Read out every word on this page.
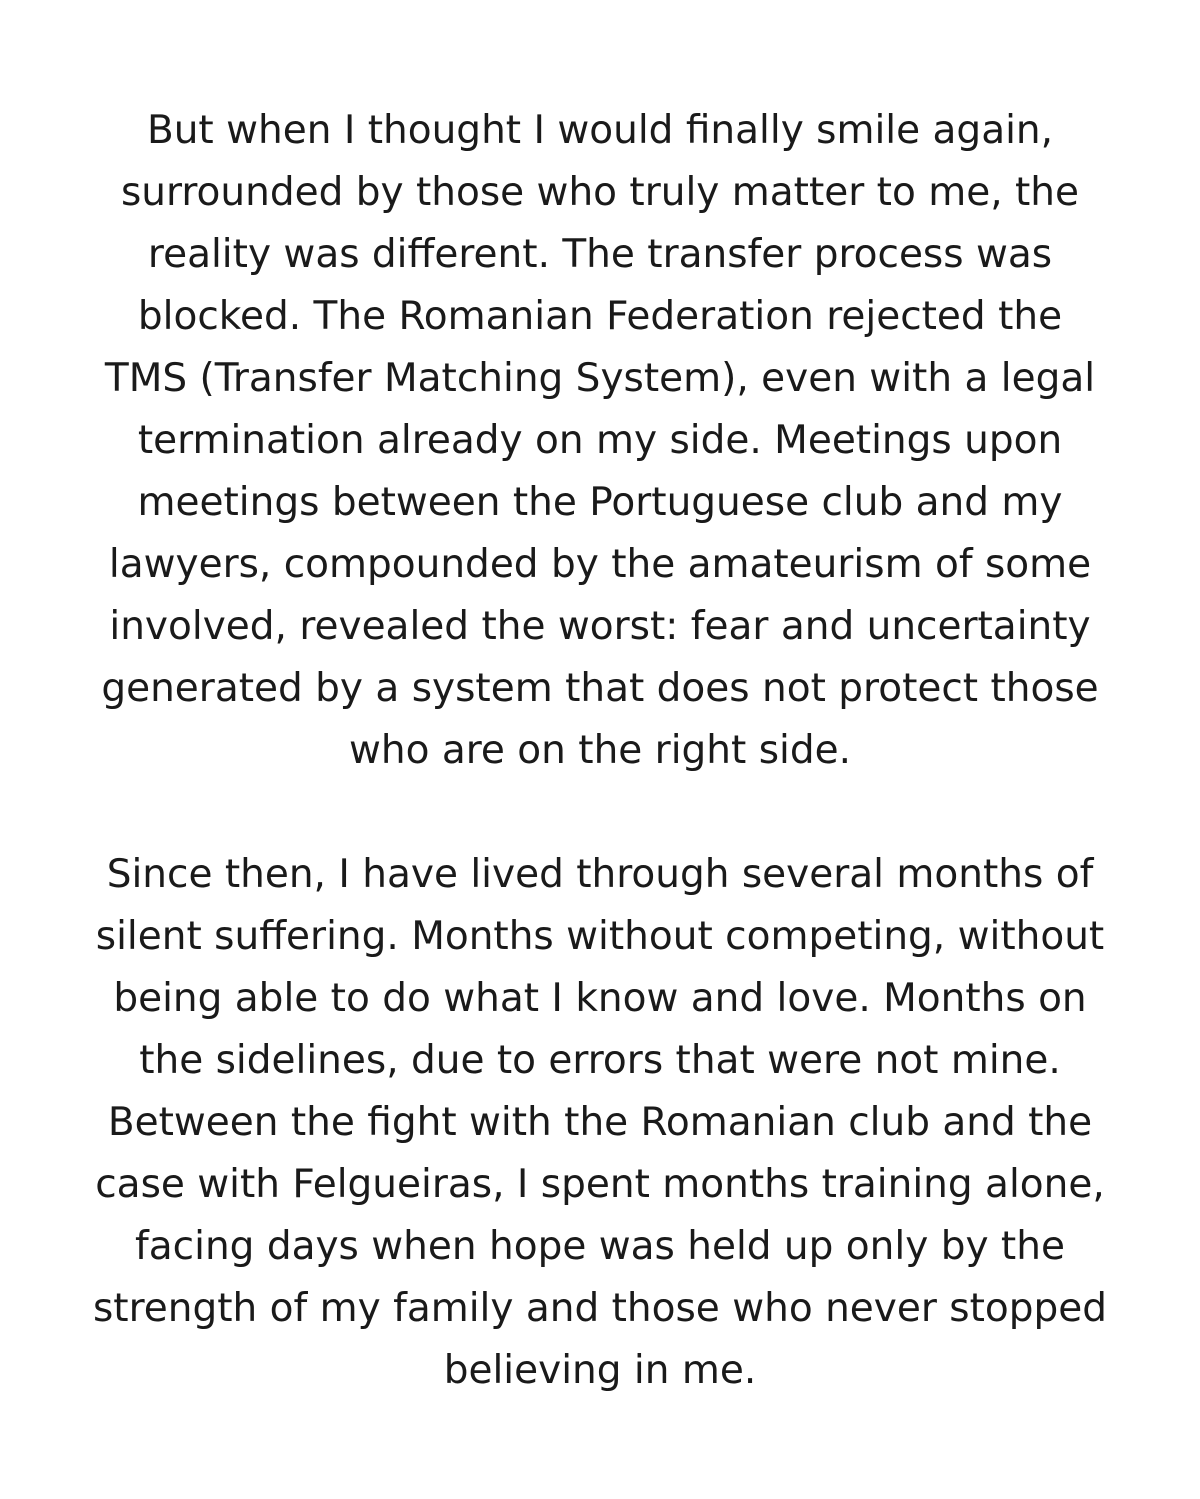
But when I thought I would finally smile again,
surrounded by those who truly matter to me, the
reality was different. The transfer process was
blocked. The Romanian Federation rejected the
TMS (Transfer Matching System), even with a legal
termination already on my side. Meetings upon
meetings between the Portuguese club and my
lawyers, compounded by the amateurism of some
involved, revealed the worst: fear and uncertainty
generated by a system that does not protect those
who are on the right side.

Since then, I have lived through several months of
silent suffering. Months without competing, without
being able to do what I know and love. Months on
the sidelines, due to errors that were not mine.
Between the fight with the Romanian club and the
case with Felgueiras, I spent months training alone,
facing days when hope was held up only by the
strength of my family and those who never stopped
believing in me.
